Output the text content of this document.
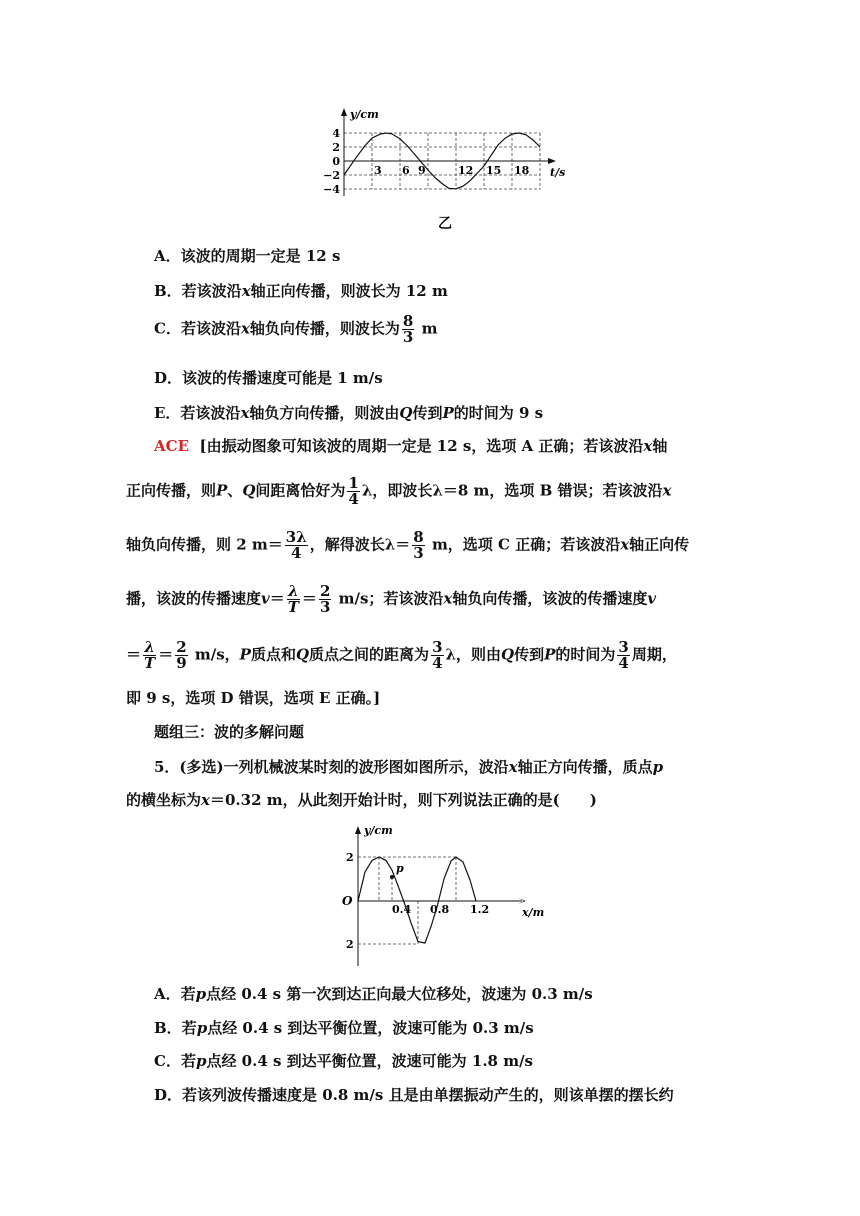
y/cm
t/s
4
2
0
−2
−4
3 6 9	12 15 18
乙
A．该波的周期一定是 12 s
B．若该波沿x轴正向传播，则波长为 12 m
C．若该波沿x轴负向传播，则波长为 $\frac{8}{3}$ m
D．该波的传播速度可能是 1 m/s
E．若该波沿x轴负方向传播，则波由Q传到P的时间为 9 s
ACE [由振动图象可知该波的周期一定是 12 s，选项 A 正确；若该波沿x轴
正向传播，则P、Q间距离恰好为 $\frac{1}{4}$ λ，即波长λ＝8 m，选项 B 错误；若该波沿x
轴负向传播，则 2 $m= \frac{3\lambda}{4}$ ，解得波长$\lambda= \frac{8}{3}$ m，选项 C 正确；若该波沿x轴正向传
播，该波的传播速度$v= \frac{\lambda}{T} = \frac{2}{3} m/s$；若该波沿x轴负向传播，该波的传播速度v
＝ $\frac{\lambda}{T} = \frac{2}{9} m/s$，P质点和Q质点之间的距离为 $\frac{3}{4}$ λ，则由Q传到P的时间为 $\frac{3}{4}$ 周期，
即 9 s，选项 D 错误，选项 E 正确。]
题组三：波的多解问题
5．(多选)一列机械波某时刻的波形图如图所示，波沿x轴正方向传播，质点p
的横坐标为x＝0.32 m，从此刻开始计时，则下列说法正确的是(　　)
p
y/cm
x/m
O
2
2
0.4 0.8 1.2
A．若p点经 0.4 s 第一次到达正向最大位移处，波速为 0.3 m/s
B．若p点经 0.4 s 到达平衡位置，波速可能为 0.3 m/s
C．若p点经 0.4 s 到达平衡位置，波速可能为 1.8 m/s
D．若该列波传播速度是 0.8 m/s 且是由单摆振动产生的，则该单摆的摆长约
